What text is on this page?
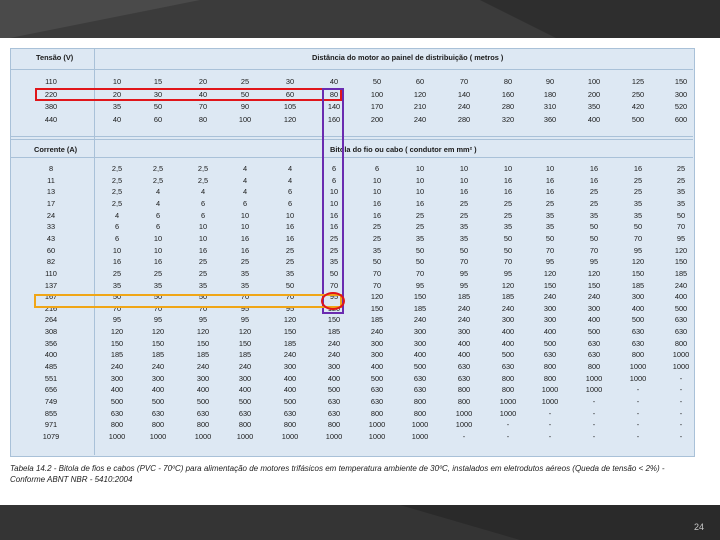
Tensão (V)	Distância do motor ao painel de distribuição ( metros )
Corrente (A)	Bitola do fio ou cabo ( condutor em mm² )
110	10	15	20	25	30	40	50	60	70	80	90	100	125	150
220	20	30	40	50	60	80	100	120	140	160	180	200	250	300
380	35	50	70	90	105	140	170	210	240	280	310	350	420	520
440	40	60	80	100	120	160	200	240	280	320	360	400	500	600
8	2,5	2,5	2,5	4	4	6	6	10	10	10	10	16	16	25
11	2,5	2,5	2,5	4	4	6	10	10	10	16	16	16	25	25
13	2,5	4	4	4	6	10	10	10	16	16	16	25	25	35
17	2,5	4	6	6	6	10	16	16	25	25	25	25	35	35
24	4	6	6	10	10	16	16	25	25	25	35	35	35	50
33	6	6	10	10	16	16	25	25	35	35	35	50	50	70
43	6	10	10	16	16	25	25	35	35	50	50	50	70	95
60	10	10	16	16	25	25	35	50	50	50	70	70	95	120
82	16	16	25	25	25	35	50	50	70	70	95	95	120	150
110	25	25	25	35	35	50	70	70	95	95	120	120	150	185
137	35	35	35	35	50	70	70	95	95	120	150	150	185	240
167	50	50	50	70	70	95	120	150	185	185	240	240	300	400
216	70	70	70	95	95	120	150	185	240	240	300	300	400	500
264	95	95	95	95	120	150	185	240	240	300	300	400	500	630
308	120	120	120	120	150	185	240	300	300	400	400	500	630	630
356	150	150	150	150	185	240	300	300	400	400	500	630	630	800
400	185	185	185	185	240	240	300	400	400	500	630	630	800	1000
485	240	240	240	240	300	300	400	500	630	630	800	800	1000	1000
551	300	300	300	300	400	400	500	630	630	800	800	1000	1000	-
656	400	400	400	400	400	500	630	630	800	800	1000	1000	-	-
749	500	500	500	500	500	630	630	800	800	1000	1000	-	-	-
855	630	630	630	630	630	630	800	800	1000	1000	-	-	-	-
971	800	800	800	800	800	800	1000	1000	1000	-	-	-	-	-
1079	1000	1000	1000	1000	1000	1000	1000	1000	-	-	-	-	-	-
Tabela 14.2 - Bitola de fios e cabos (PVC - 70ºC) para alimentação de motores trifásicos em temperatura ambiente de 30ºC, instalados em eletrodutos aéreos (Queda de tensão < 2%) - Conforme ABNT NBR - 5410:2004
24
